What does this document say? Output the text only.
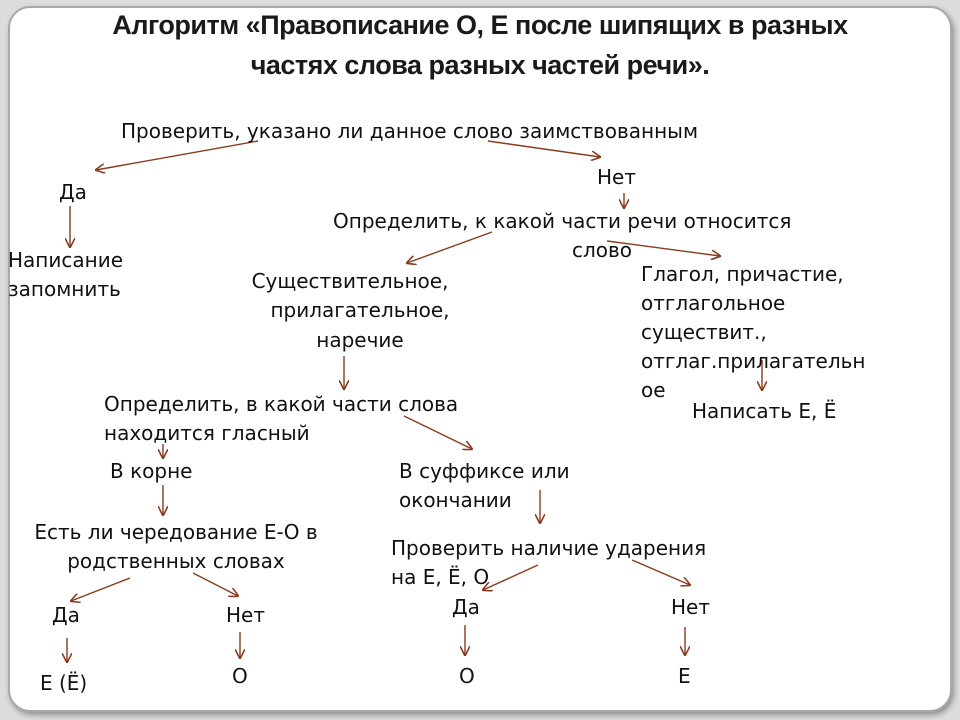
Алгоритм «Правописание О, Е после шипящих в разных
частях слова разных частей речи».
Проверить, указано ли данное слово заимствованным
Да
Нет
Написание
запомнить
Определить, к какой части речи относится
слово
Существительное,
прилагательное,
наречие
Глагол, причастие,
отглагольное
существит.,
отглаг.прилагательн
ое
Написать Е, Ё
Определить, в какой части слова
находится гласный
В корне	В суффиксе или
окончании
Есть ли чередование Е-О в
родственных словах
Проверить наличие ударения
на Е, Ё, О
Да	Нет	Да	Нет
Е (Ё)	О	О	Е
